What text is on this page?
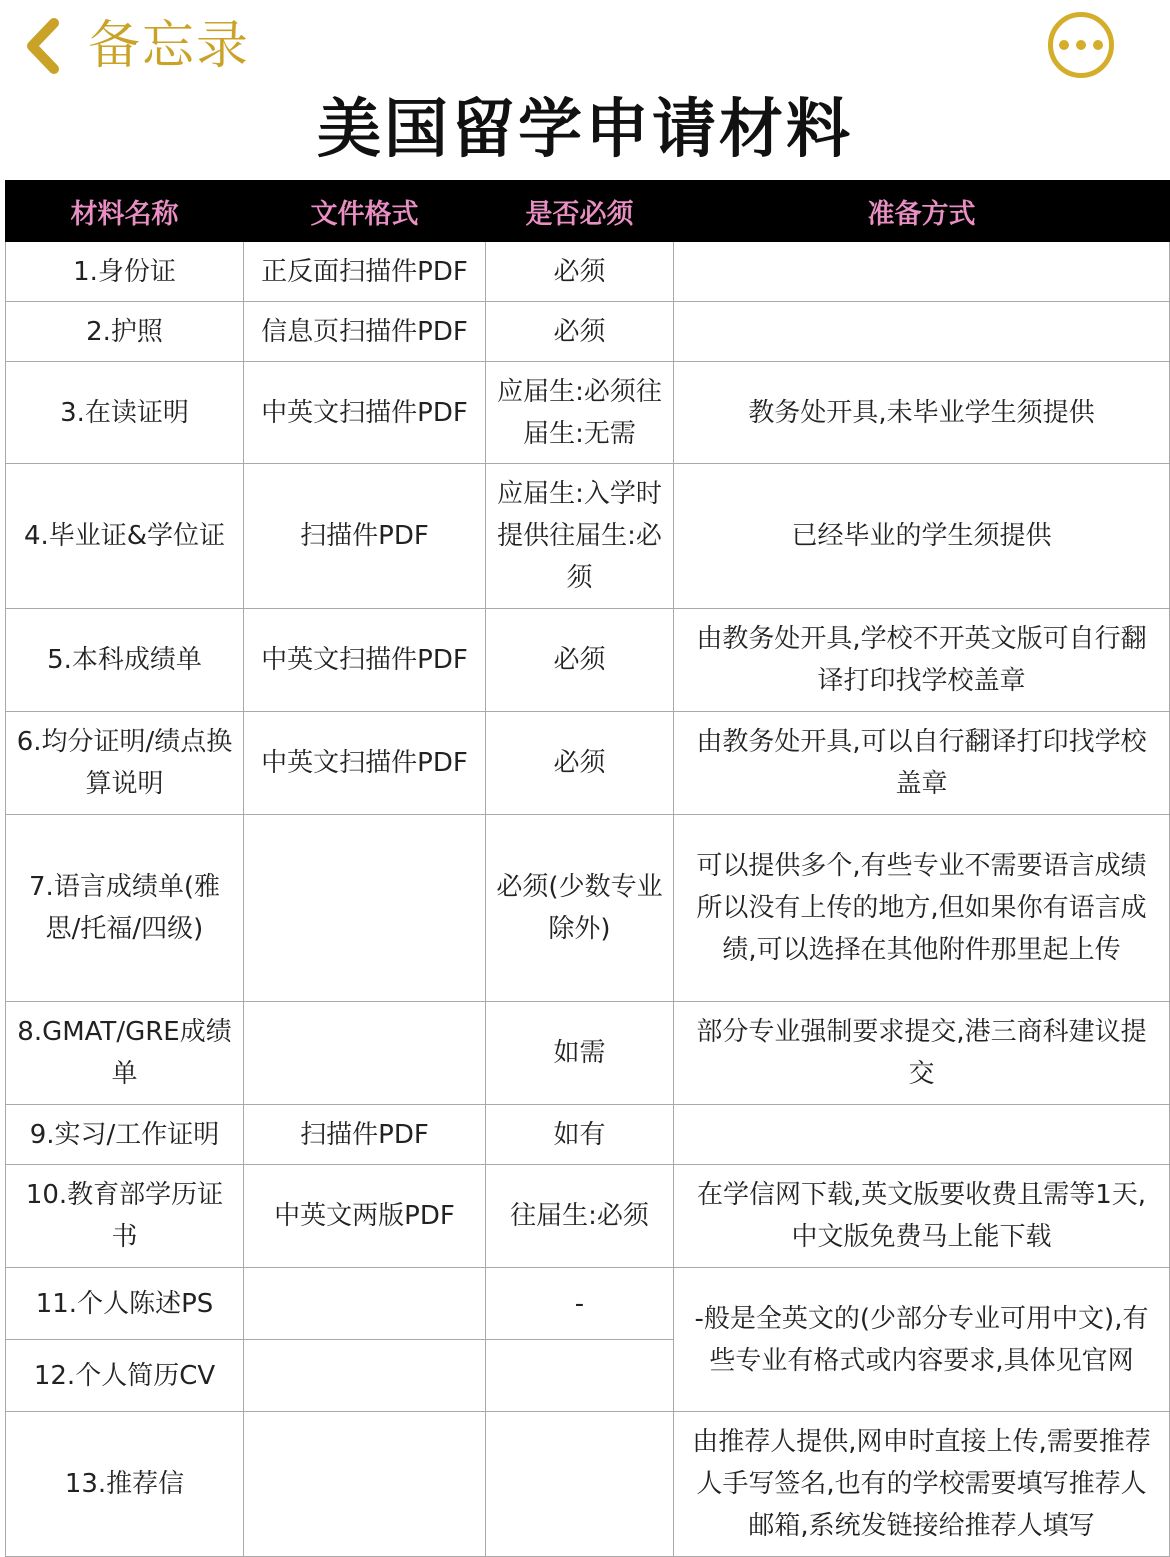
备忘录
美国留学申请材料
材料名称	文件格式	是否必须	准备方式
1.身份证	正反面扫描件PDF	必须	
2.护照	信息页扫描件PDF	必须	
3.在读证明	中英文扫描件PDF	应届生:必须往届生:无需	教务处开具,未毕业学生须提供
4.毕业证&学位证	扫描件PDF	应届生:入学时提供往届生:必须	已经毕业的学生须提供
5.本科成绩单	中英文扫描件PDF	必须	由教务处开具,学校不开英文版可自行翻译打印找学校盖章
6.均分证明/绩点换算说明	中英文扫描件PDF	必须	由教务处开具,可以自行翻译打印找学校盖章
7.语言成绩单(雅思/托福/四级)		必须(少数专业除外)	可以提供多个,有些专业不需要语言成绩所以没有上传的地方,但如果你有语言成绩,可以选择在其他附件那里起上传
8.GMAT/GRE成绩单		如需	部分专业强制要求提交,港三商科建议提交
9.实习/工作证明	扫描件PDF	如有	
10.教育部学历证书	中英文两版PDF	往届生:必须	在学信网下载,英文版要收费且需等1天,中文版免费马上能下载
11.个人陈述PS		-	-般是全英文的(少部分专业可用中文),有些专业有格式或内容要求,具体见官网
12.个人简历CV			
13.推荐信			由推荐人提供,网申时直接上传,需要推荐人手写签名,也有的学校需要填写推荐人邮箱,系统发链接给推荐人填写
